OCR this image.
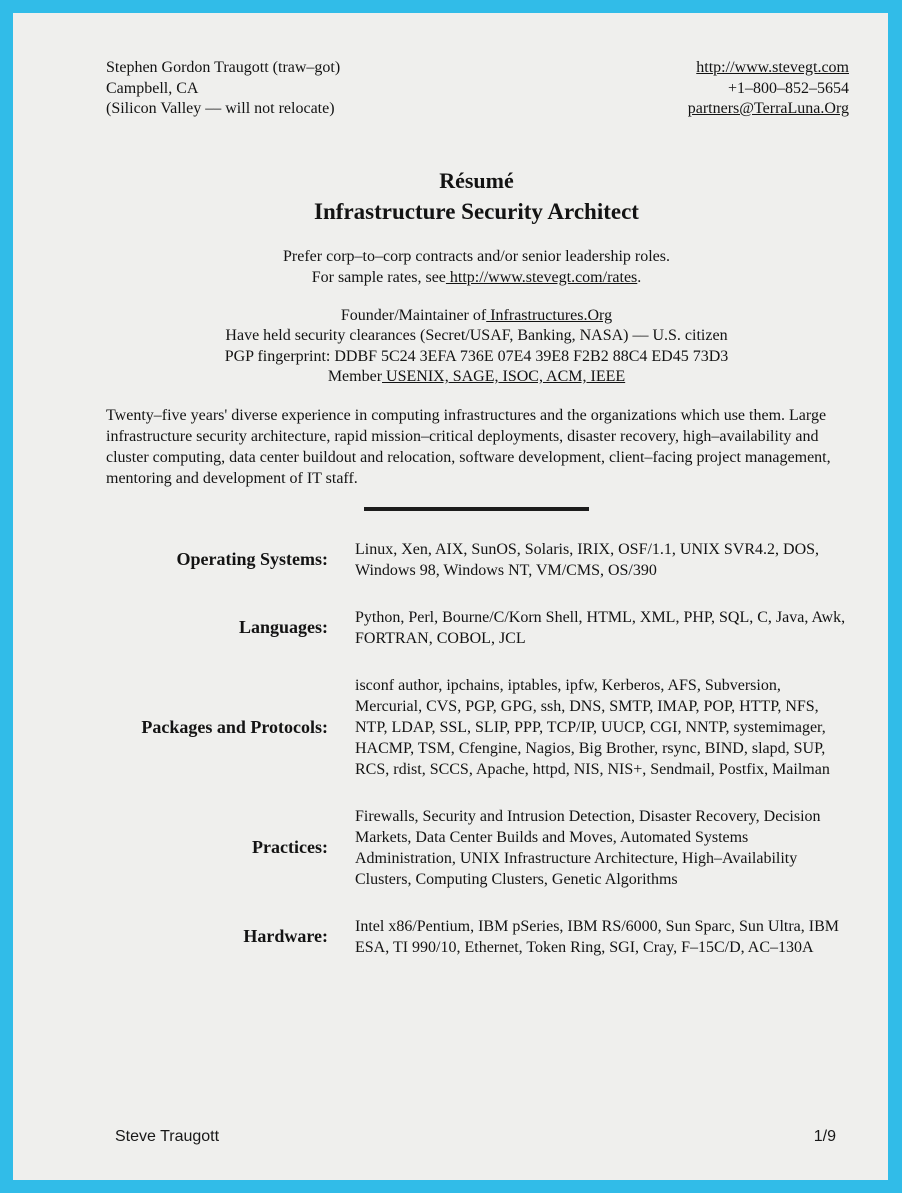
Stephen Gordon Traugott (traw–got)
Campbell, CA
(Silicon Valley –– will not relocate)
http://www.stevegt.com
+1–800–852–5654
partners@TerraLuna.Org
Résumé
Infrastructure Security Architect

Prefer corp–to–corp contracts and/or senior leadership roles.
For sample rates, see http://www.stevegt.com/rates.

Founder/Maintainer of Infrastructures.Org
Have held security clearances (Secret/USAF, Banking, NASA) –– U.S. citizen
PGP fingerprint: DDBF 5C24 3EFA 736E 07E4 39E8 F2B2 88C4 ED45 73D3
Member USENIX, SAGE, ISOC, ACM, IEEE

Twenty–five years' diverse experience in computing infrastructures and the organizations which use them. Large infrastructure security architecture, rapid mission–critical deployments, disaster recovery, high–availability and cluster computing, data center buildout and relocation, software development, client–facing project management, mentoring and development of IT staff.

Operating Systems: Linux, Xen, AIX, SunOS, Solaris, IRIX, OSF/1.1, UNIX SVR4.2, DOS, Windows 98, Windows NT, VM/CMS, OS/390
Languages: Python, Perl, Bourne/C/Korn Shell, HTML, XML, PHP, SQL, C, Java, Awk, FORTRAN, COBOL, JCL
Packages and Protocols:
isconf author, ipchains, iptables, ipfw, Kerberos, AFS, Subversion, Mercurial, CVS, PGP, GPG, ssh, DNS, SMTP, IMAP, POP, HTTP, NFS, NTP, LDAP, SSL, SLIP, PPP, TCP/IP, UUCP, CGI, NNTP, systemimager, HACMP, TSM, Cfengine, Nagios, Big Brother, rsync, BIND, slapd, SUP, RCS, rdist, SCCS, Apache, httpd, NIS, NIS+, Sendmail, Postfix, Mailman
Practices:
Firewalls, Security and Intrusion Detection, Disaster Recovery, Decision Markets, Data Center Builds and Moves, Automated Systems Administration, UNIX Infrastructure Architecture, High–Availability Clusters, Computing Clusters, Genetic Algorithms
Hardware: Intel x86/Pentium, IBM pSeries, IBM RS/6000, Sun Sparc, Sun Ultra, IBM ESA, TI 990/10, Ethernet, Token Ring, SGI, Cray, F–15C/D, AC–130A
Steve Traugott	1/9
